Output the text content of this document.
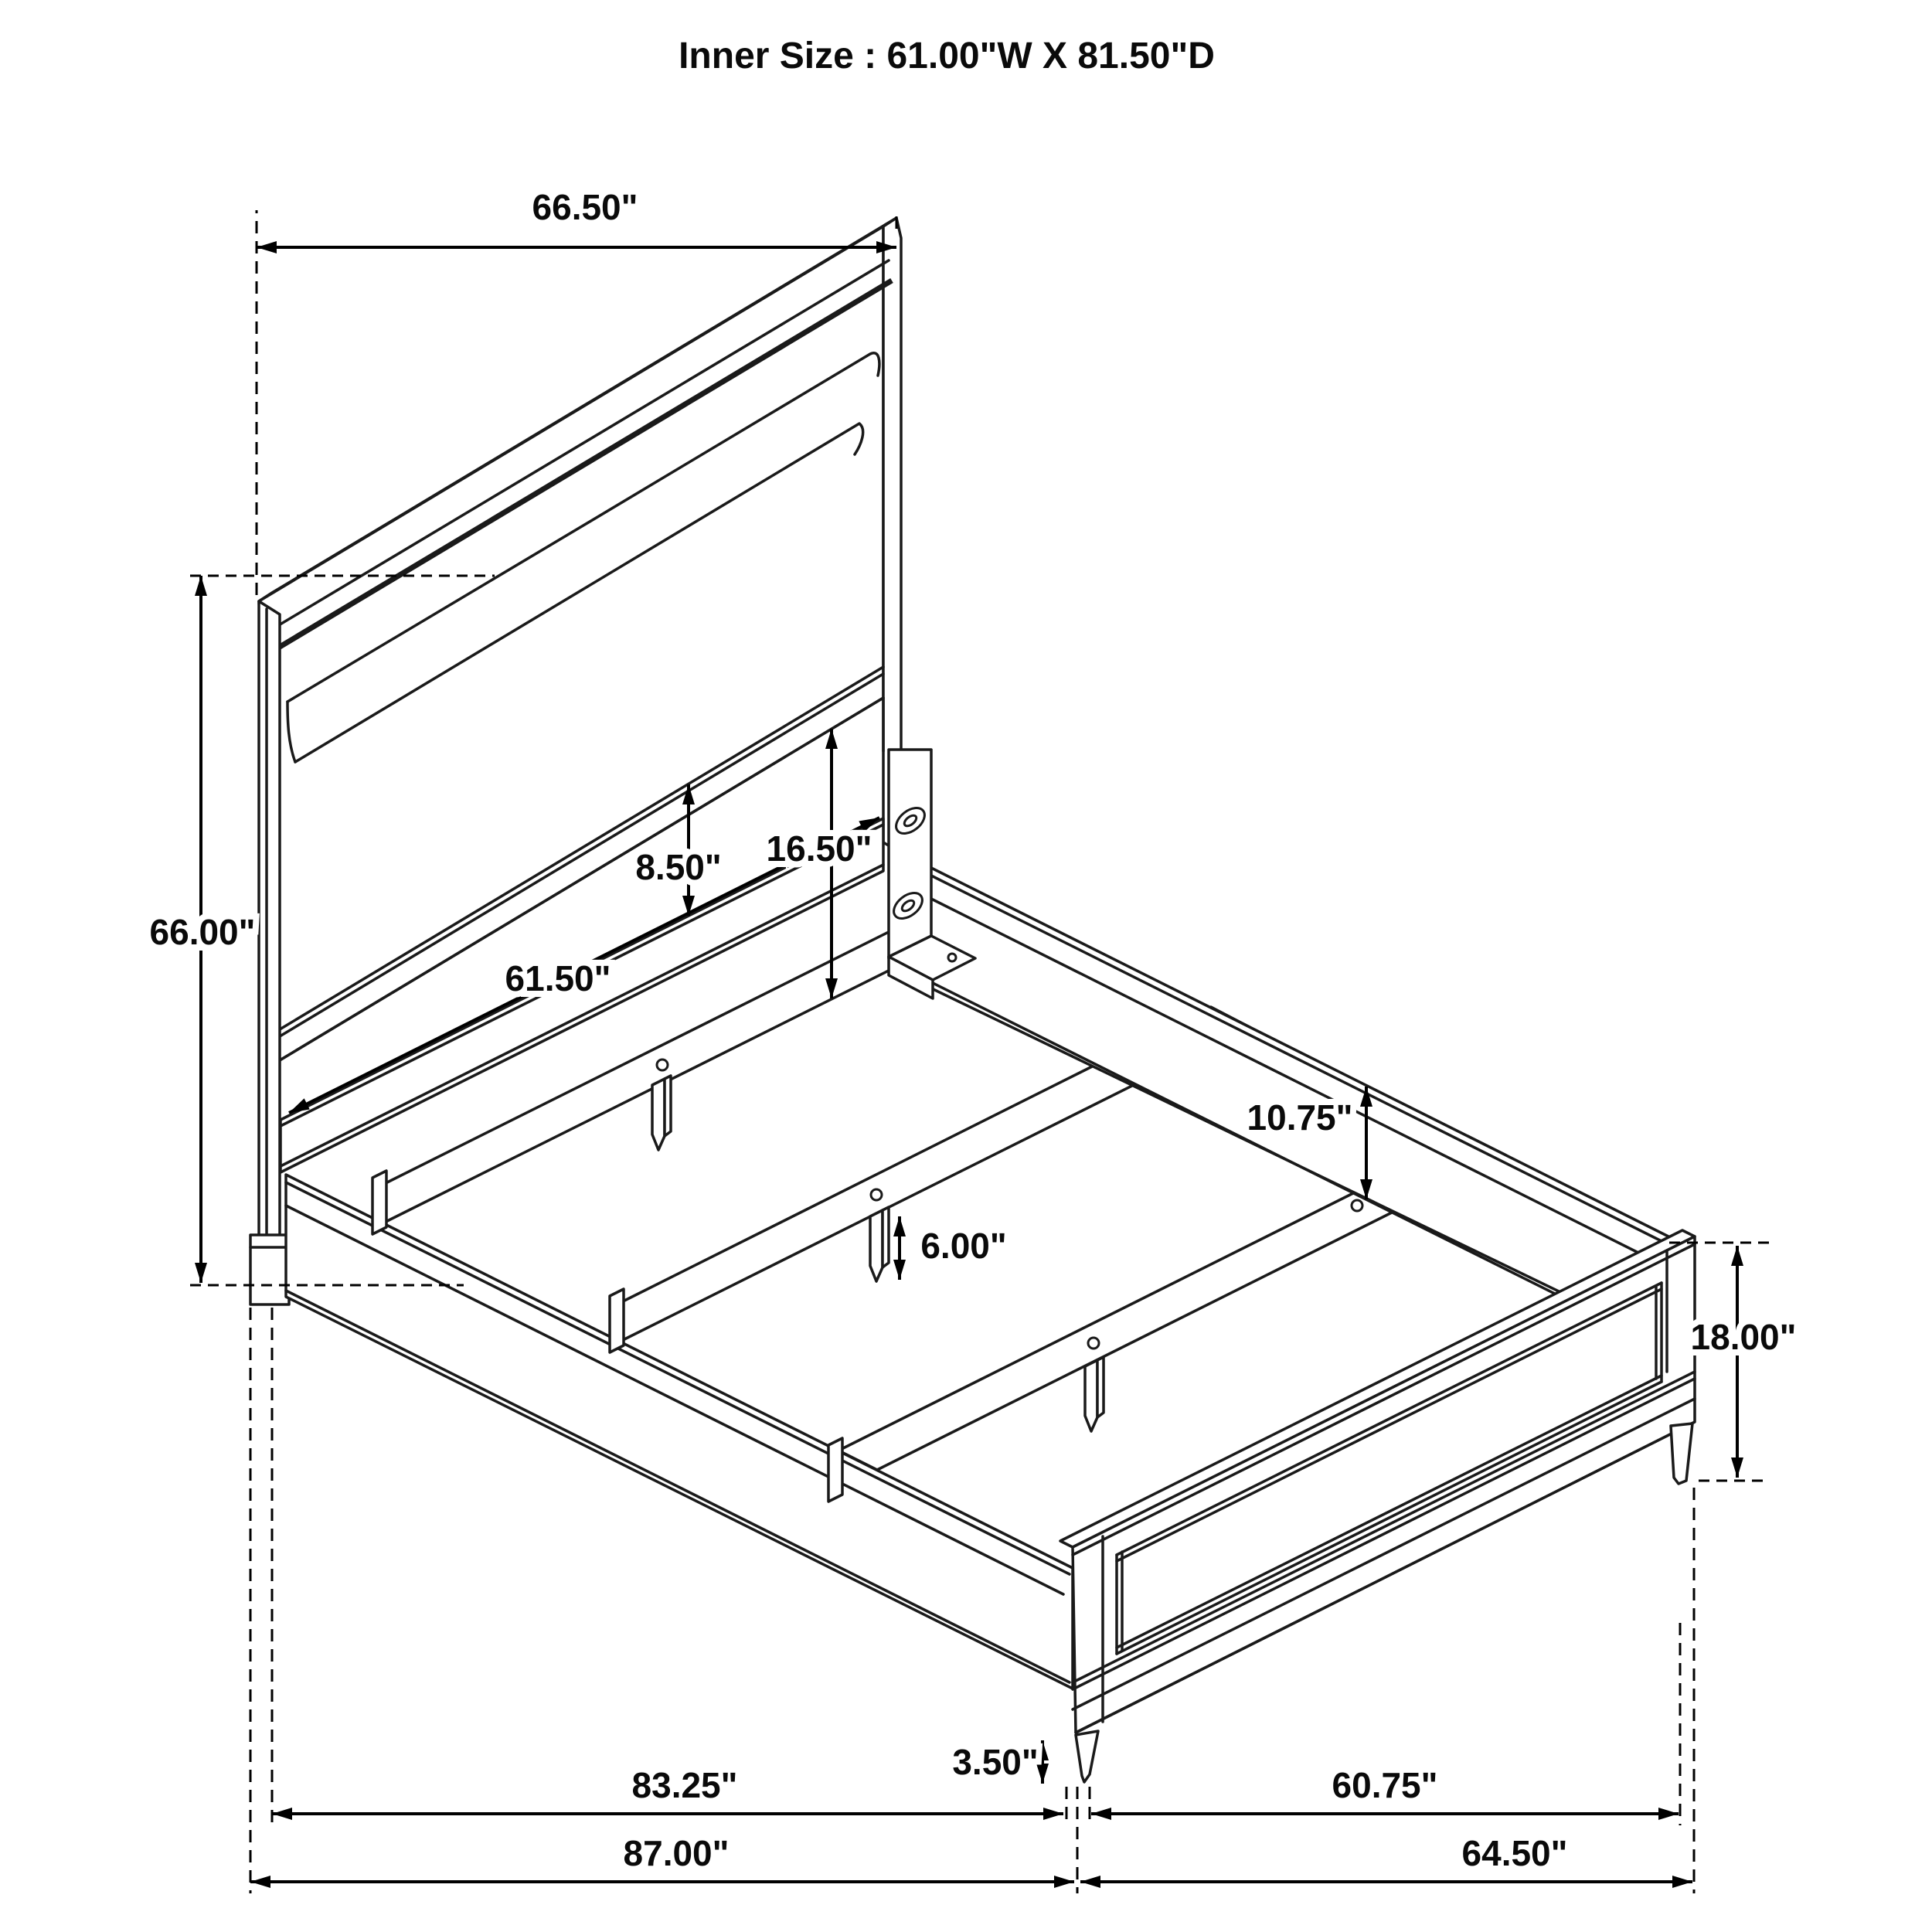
66.50"
66.00"
61.50"
8.50" 16.50"
10.75"
6.00"
18.00"
3.50"
83.25"
87.00"
60.75"
64.50"
Inner Size : 61.00"W X 81.50"D
